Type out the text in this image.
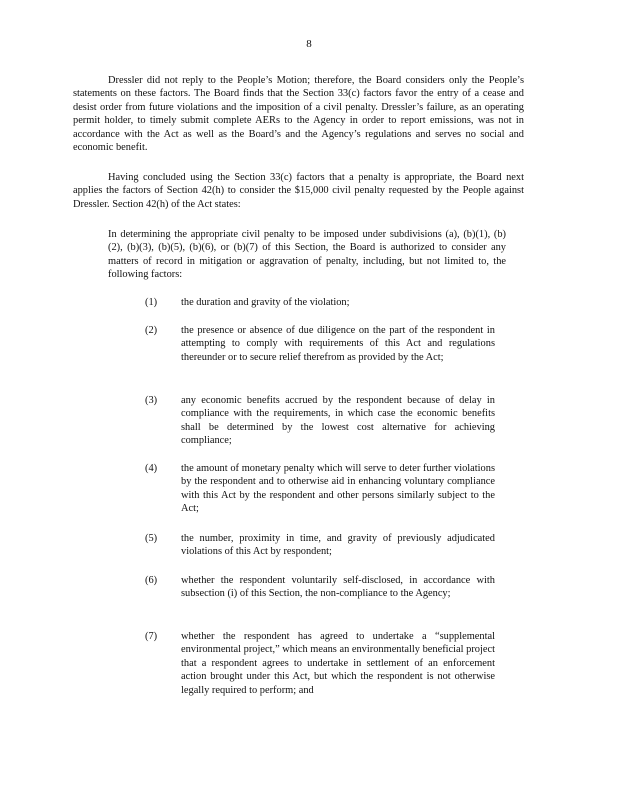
8

Dressler did not reply to the People’s Motion; therefore, the Board considers only the People’s statements on these factors. The Board finds that the Section 33(c) factors favor the entry of a cease and desist order from future violations and the imposition of a civil penalty. Dressler’s failure, as an operating permit holder, to timely submit complete AERs to the Agency in order to report emissions, was not in accordance with the Act as well as the Board’s and the Agency’s regulations and serves no social and economic benefit.

Having concluded using the Section 33(c) factors that a penalty is appropriate, the Board next applies the factors of Section 42(h) to consider the $15,000 civil penalty requested by the People against Dressler. Section 42(h) of the Act states:

In determining the appropriate civil penalty to be imposed under subdivisions (a), (b)(1), (b)(2), (b)(3), (b)(5), (b)(6), or (b)(7) of this Section, the Board is authorized to consider any matters of record in mitigation or aggravation of penalty, including, but not limited to, the following factors:

(1) the duration and gravity of the violation;

(2) the presence or absence of due diligence on the part of the respondent in attempting to comply with requirements of this Act and regulations thereunder or to secure relief therefrom as provided by the Act;

(3) any economic benefits accrued by the respondent because of delay in compliance with the requirements, in which case the economic benefits shall be determined by the lowest cost alternative for achieving compliance;

(4) the amount of monetary penalty which will serve to deter further violations by the respondent and to otherwise aid in enhancing voluntary compliance with this Act by the respondent and other persons similarly subject to the Act;

(5) the number, proximity in time, and gravity of previously adjudicated violations of this Act by respondent;

(6) whether the respondent voluntarily self-disclosed, in accordance with subsection (i) of this Section, the non-compliance to the Agency;

(7) whether the respondent has agreed to undertake a “supplemental environmental project,” which means an environmentally beneficial project that a respondent agrees to undertake in settlement of an enforcement action brought under this Act, but which the respondent is not otherwise legally required to perform; and
